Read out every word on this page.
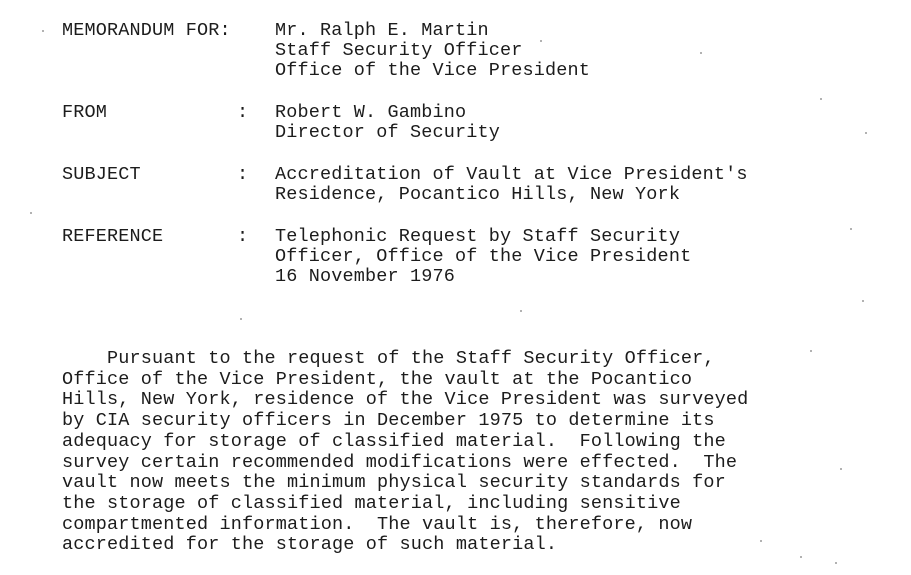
MEMORANDUM FOR:	Mr. Ralph E. Martin
Staff Security Officer
Office of the Vice President
FROM	:	Robert W. Gambino
Director of Security
SUBJECT	:	Accreditation of Vault at Vice President's
Residence, Pocantico Hills, New York
REFERENCE	:	Telephonic Request by Staff Security
Officer, Office of the Vice President
16 November 1976
Pursuant to the request of the Staff Security Officer,
Office of the Vice President, the vault at the Pocantico
Hills, New York, residence of the Vice President was surveyed
by CIA security officers in December 1975 to determine its
adequacy for storage of classified material.  Following the
survey certain recommended modifications were effected.  The
vault now meets the minimum physical security standards for
the storage of classified material, including sensitive
compartmented information.  The vault is, therefore, now
accredited for the storage of such material.
